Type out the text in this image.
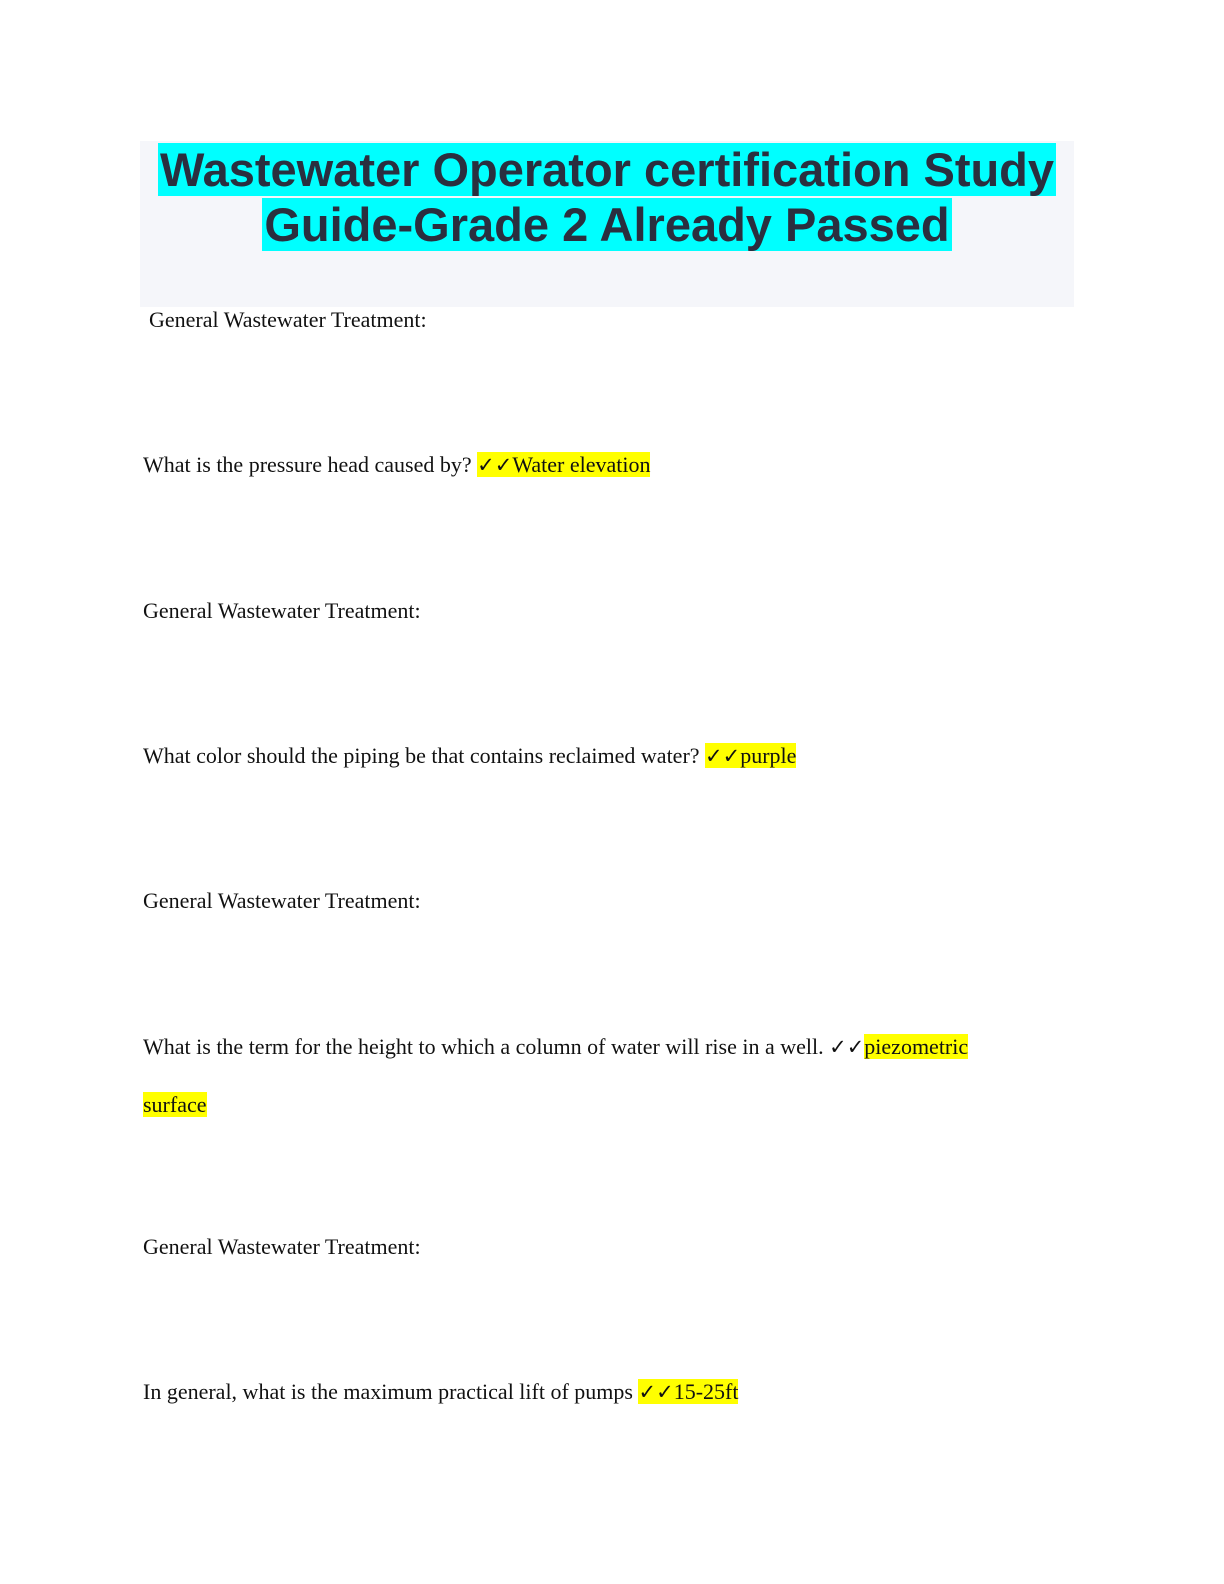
Wastewater Operator certification Study
Guide-Grade 2 Already Passed
General Wastewater Treatment:
What is the pressure head caused by? ✓✓Water elevation
General Wastewater Treatment:
What color should the piping be that contains reclaimed water? ✓✓purple
General Wastewater Treatment:
What is the term for the height to which a column of water will rise in a well. ✓✓piezometric
surface
General Wastewater Treatment:
In general, what is the maximum practical lift of pumps ✓✓15-25ft
